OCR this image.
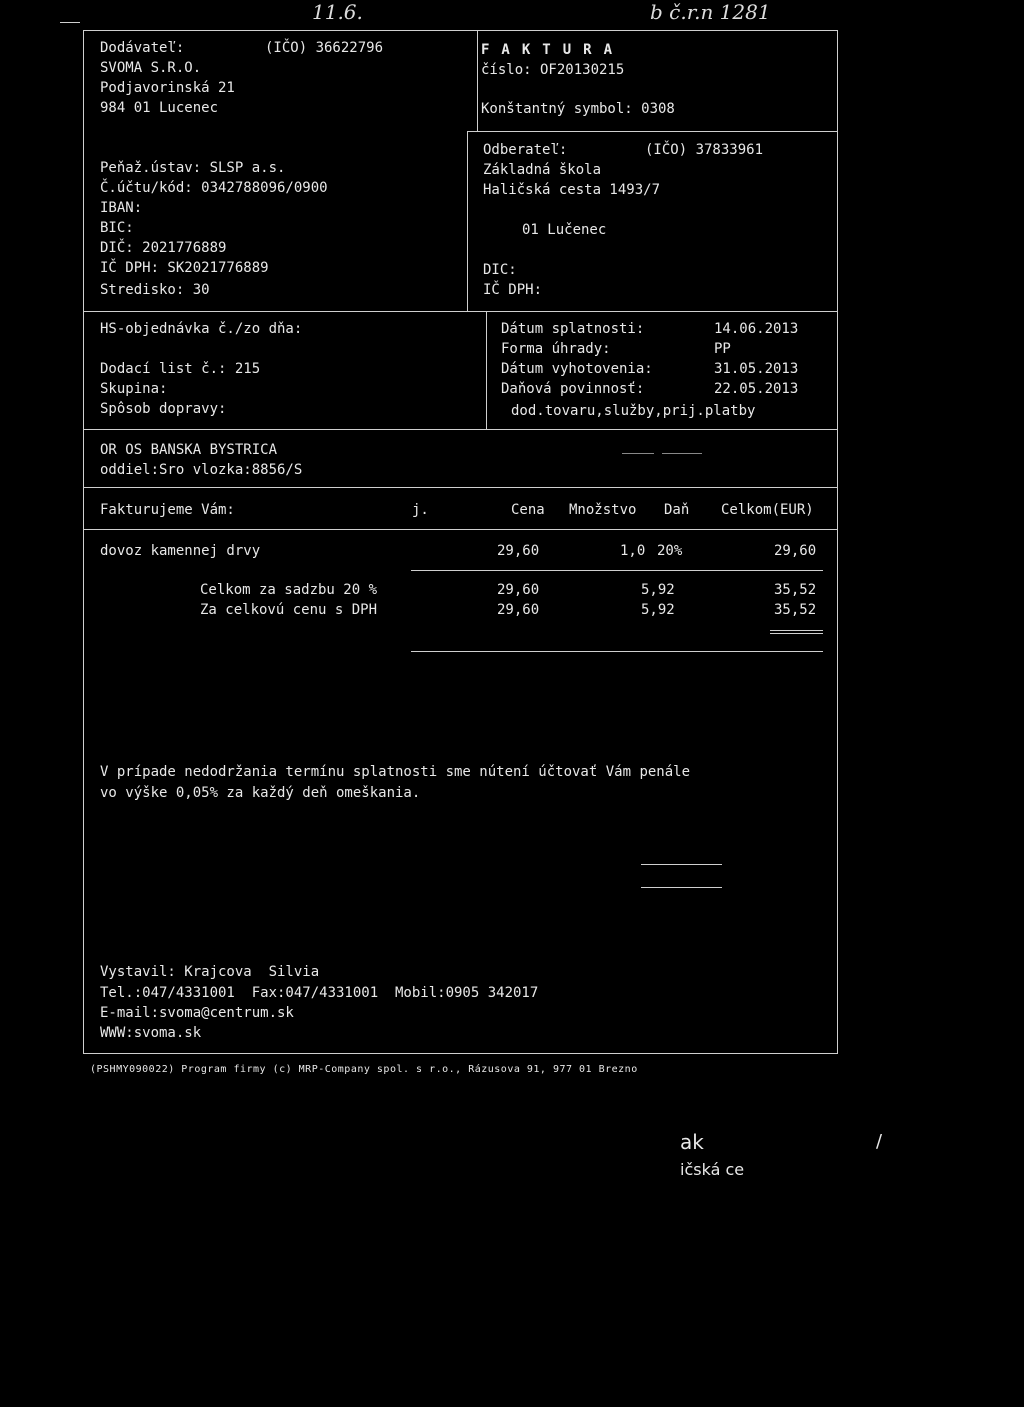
11.6.	b č.r.n 1281
Dodávateľ:	(IČO) 36622796
SVOMA S.R.O.
Podjavorinská 21
984 01 Lucenec
Peňaž.ústav: SLSP a.s.
Č.účtu/kód: 0342788096/0900
IBAN:
BIC:
DIČ: 2021776889
IČ DPH: SK2021776889
Stredisko: 30
FAKTURA
číslo: OF20130215
Konštantný symbol: 0308
Odberateľ:	(IČO) 37833961
Základná škola
Haličská cesta 1493/7
01 Lučenec
DIC:
IČ DPH:
HS-objednávka č./zo dňa:
Dodací list č.: 215
Skupina:
Spôsob dopravy:
Dátum splatnosti:	14.06.2013
Forma úhrady:	PP
Dátum vyhotovenia:	31.05.2013
Daňová povinnosť:	22.05.2013
dod.tovaru,služby,prij.platby
OR OS BANSKA BYSTRICA
oddiel:Sro vlozka:8856/S
Fakturujeme Vám:	j.	Cena Množstvo Daň Celkom(EUR)
dovoz kamennej drvy	29,60	1,0 20%	29,60
Celkom za sadzbu 20 %	29,60	5,92	35,52
Za celkovú cenu s DPH	29,60	5,92	35,52
V prípade nedodržania termínu splatnosti sme nútení účtovať Vám penále
vo výške 0,05% za každý deň omeškania.
Vystavil: Krajcova  Silvia
Tel.:047/4331001  Fax:047/4331001  Mobil:0905 342017
E-mail:svoma@centrum.sk
WWW:svoma.sk
(PSHMY090022) Program firmy (c) MRP-Company spol. s r.o., Rázusova 91, 977 01 Brezno
ak
ičská ce
/
